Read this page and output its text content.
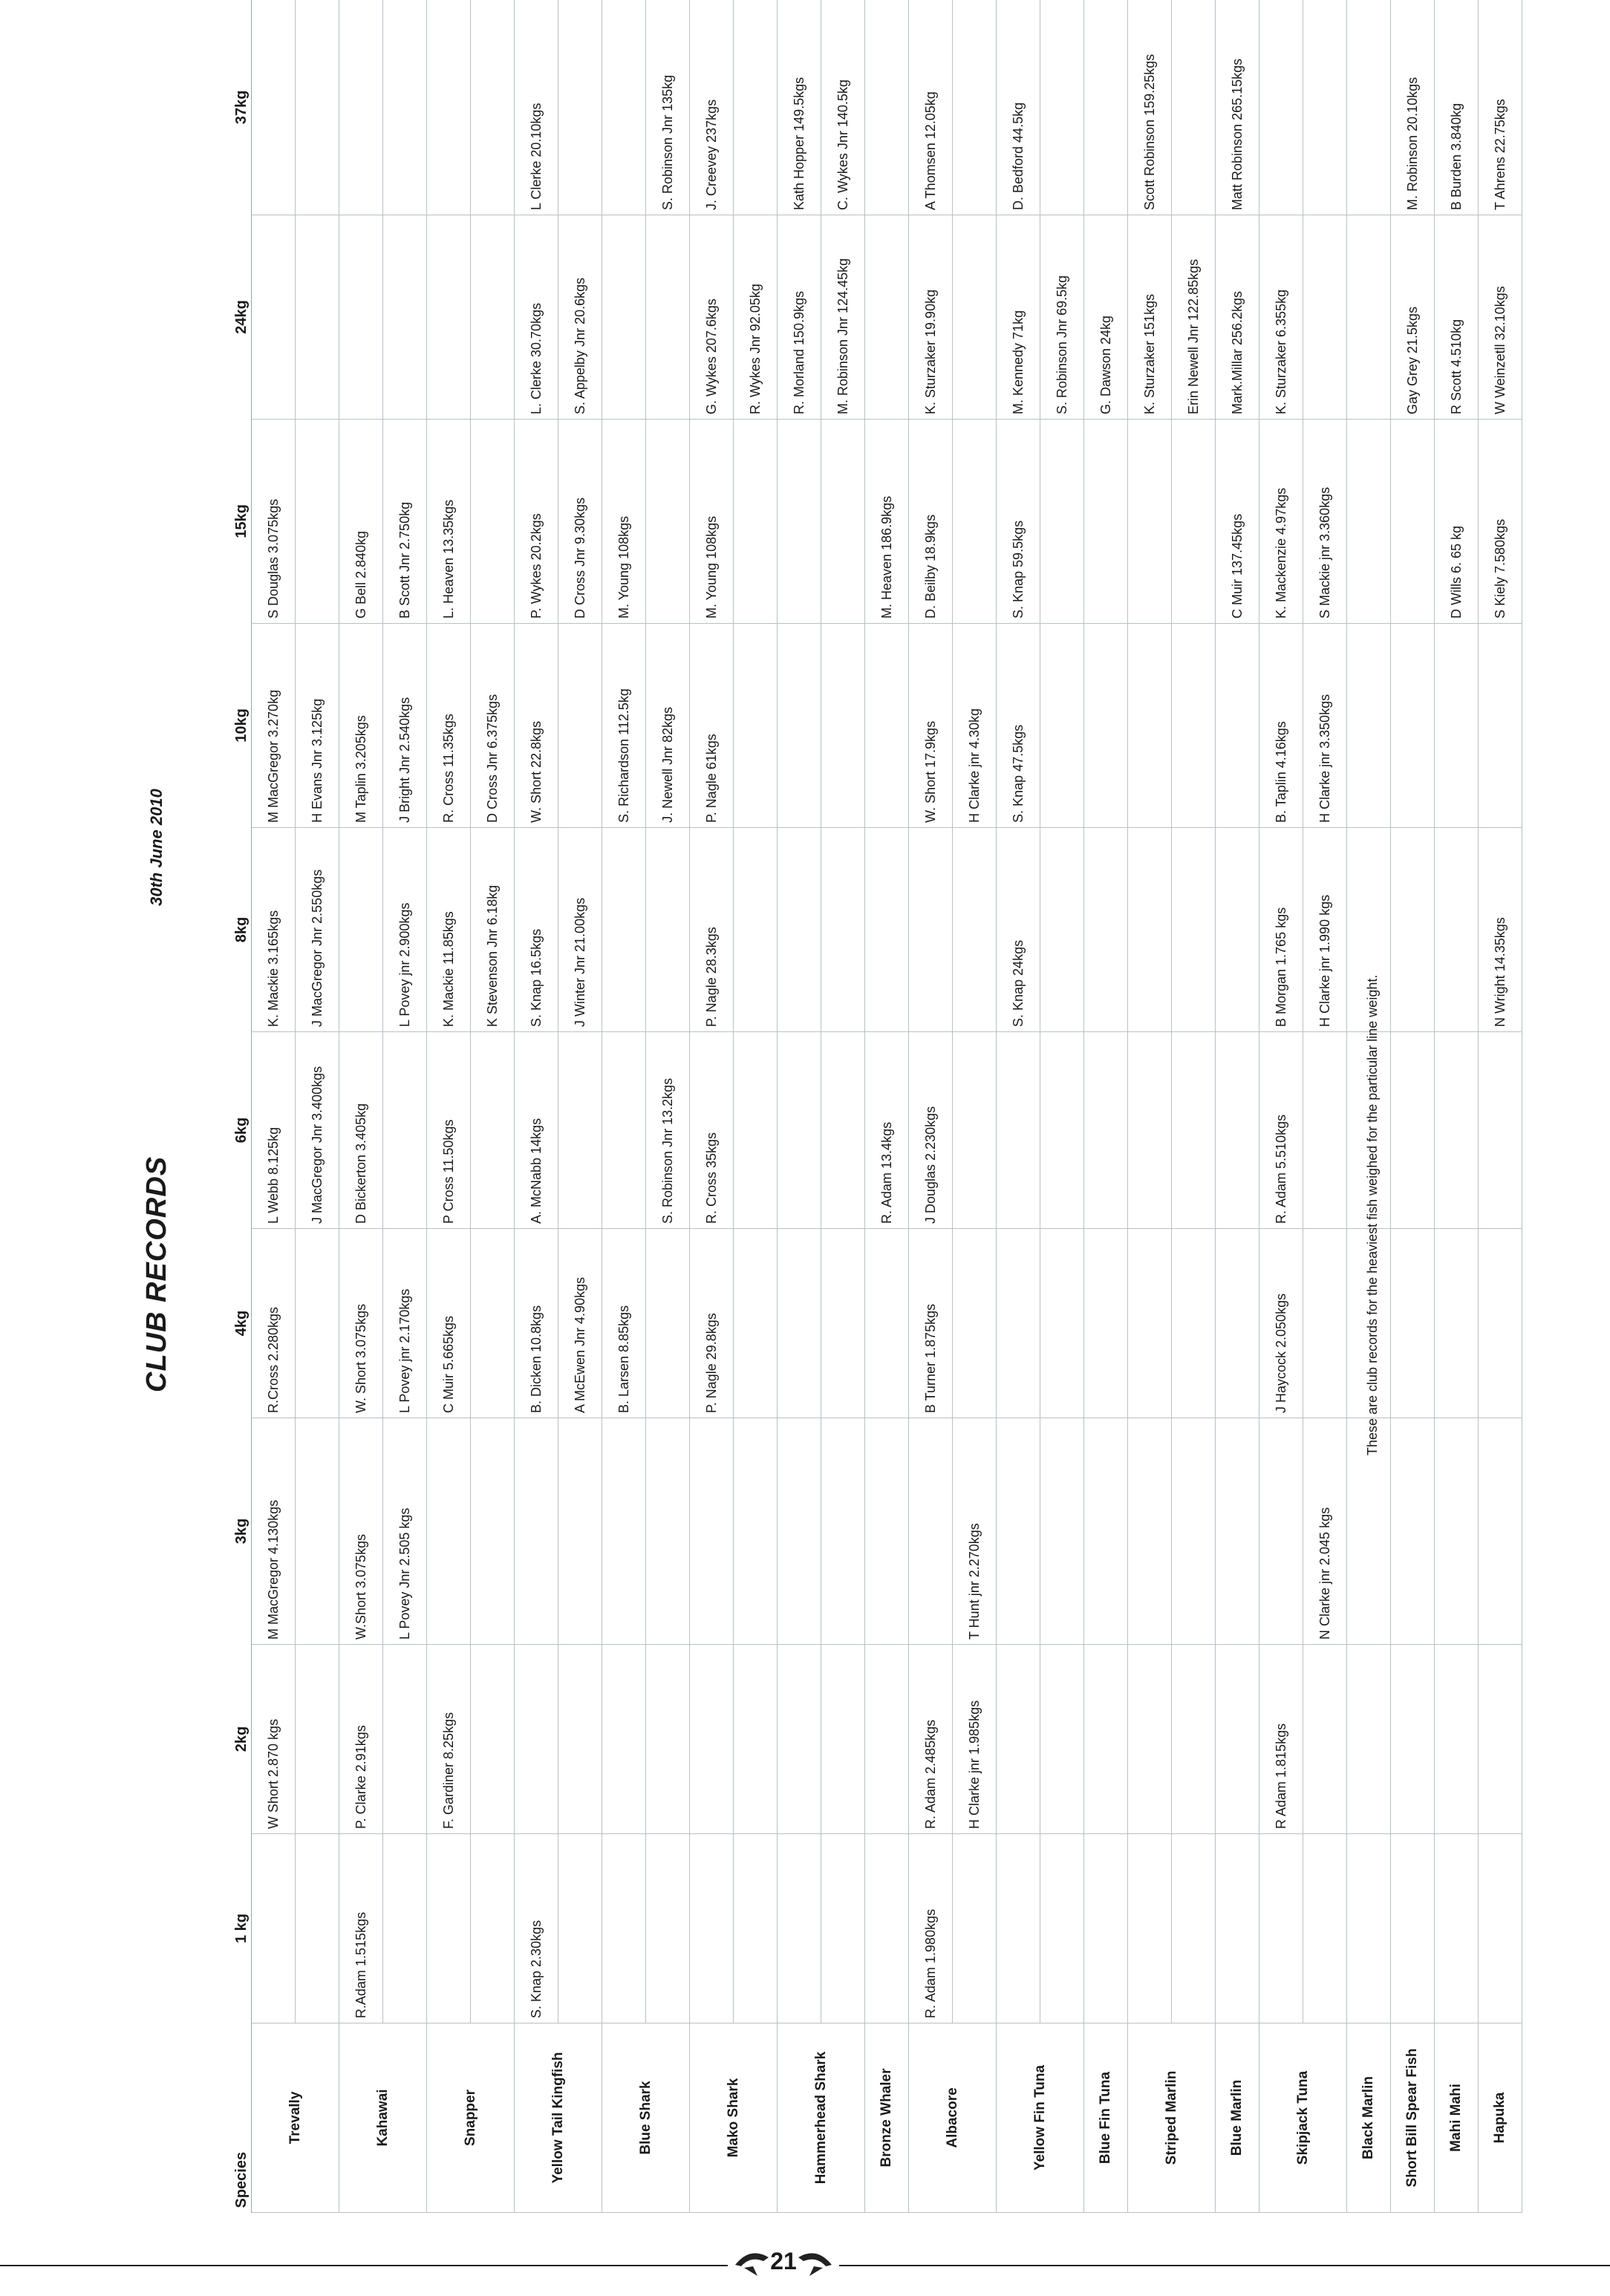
CLUB RECORDS
30th June 2010
Species	1 kg	2kg	3kg	4kg	6kg	8kg	10kg	15kg	24kg	37kg
Trevally		W Short 2.870 kgs	M MacGregor 4.130kgs	R.Cross 2.280kgs	L Webb 8.125kg	K. Mackie 3.165kgs	M MacGregor 3.270kg	S Douglas 3.075kgs		
					J MacGregor Jnr 3.400kgs	J MacGregor Jnr 2.550kgs	H Evans Jnr 3.125kg			
Kahawai	R.Adam 1.515kgs	P. Clarke 2.91kgs	W.Short 3.075kgs	W. Short 3.075kgs	D Bickerton 3.405kg		M Taplin 3.205kgs	G Bell 2.840kg		
			L Povey Jnr 2.505 kgs	L Povey jnr 2.170kgs		L Povey jnr 2.900kgs	J Bright Jnr 2.540kgs	B Scott Jnr 2.750kg		
Snapper		F. Gardiner 8.25kgs		C Muir 5.665kgs	P Cross 11.50kgs	K. Mackie 11.85kgs	R. Cross 11.35kgs	L. Heaven 13.35kgs		
						K Stevenson Jnr 6.18kg	D Cross Jnr 6.375kgs			
Yellow Tail Kingfish	S. Knap 2.30kgs			B. Dicken 10.8kgs	A. McNabb 14kgs	S. Knap 16.5kgs	W. Short 22.8kgs	P. Wykes 20.2kgs	L. Clerke 30.70kgs	L Clerke 20.10kgs
				A McEwen Jnr 4.90kgs		J Winter Jnr 21.00kgs		D Cross Jnr 9.30kgs	S. Appelby Jnr 20.6kgs	
Blue Shark				B. Larsen 8.85kgs			S. Richardson 112.5kg	M. Young 108kgs		
					S. Robinson Jnr 13.2kgs		J. Newell Jnr 82kgs			S. Robinson Jnr 135kg
Mako Shark				P. Nagle 29.8kgs	R. Cross 35kgs	P. Nagle 28.3kgs	P. Nagle 61kgs	M. Young 108kgs	G. Wykes 207.6kgs	J. Creevey 237kgs
									R. Wykes Jnr 92.05kg	
Hammerhead Shark									R. Morland 150.9kgs	Kath Hopper 149.5kgs
									M. Robinson Jnr 124.45kg	C. Wykes Jnr 140.5kg
Bronze Whaler					R. Adam 13.4kgs			M. Heaven 186.9kgs		
Albacore	R. Adam 1.980kgs	R. Adam 2.485kgs		B Turner 1.875kgs	J Douglas 2.230kgs		W. Short 17.9kgs	D. Beilby 18.9kgs	K. Sturzaker 19.90kg	A Thomsen 12.05kg
		H Clarke jnr 1.985kgs	T Hunt jnr 2.270kgs				H Clarke jnr 4.30kg			
Yellow Fin Tuna						S. Knap 24kgs	S. Knap 47.5kgs	S. Knap 59.5kgs	M. Kennedy 71kg	D. Bedford 44.5kg
									S. Robinson Jnr 69.5kg	
Blue Fin Tuna									G. Dawson 24kg	
Striped Marlin									K. Sturzaker 151kgs	Scott Robinson 159.25kgs
									Erin Newell Jnr 122.85kgs	
Blue Marlin								C Muir 137.45kgs	Mark.Millar 256.2kgs	Matt Robinson 265.15kgs
Skipjack Tuna		R Adam 1.815kgs		J Haycock 2.050kgs	R. Adam 5.510kgs	B Morgan 1.765 kgs	B. Taplin 4.16kgs	K. Mackenzie 4.97kgs	K. Sturzaker 6.355kg	
			N Clarke jnr 2.045 kgs			H Clarke jnr 1.990 kgs	H Clarke jnr 3.350kgs	S Mackie jnr 3.360kgs		
Black Marlin										
Short Bill Spear Fish									Gay Grey 21.5kgs	M. Robinson 20.10kgs
Mahi Mahi								D Wills 6. 65 kg	R Scott 4.510kg	B Burden 3.840kg
Hapuka						N Wright 14.35kgs		S Kiely 7.580kgs	W Weinzetll 32.10kgs	T Ahrens 22.75kgs
These are club records for the heaviest fish weighed for the particular line weight.
21
